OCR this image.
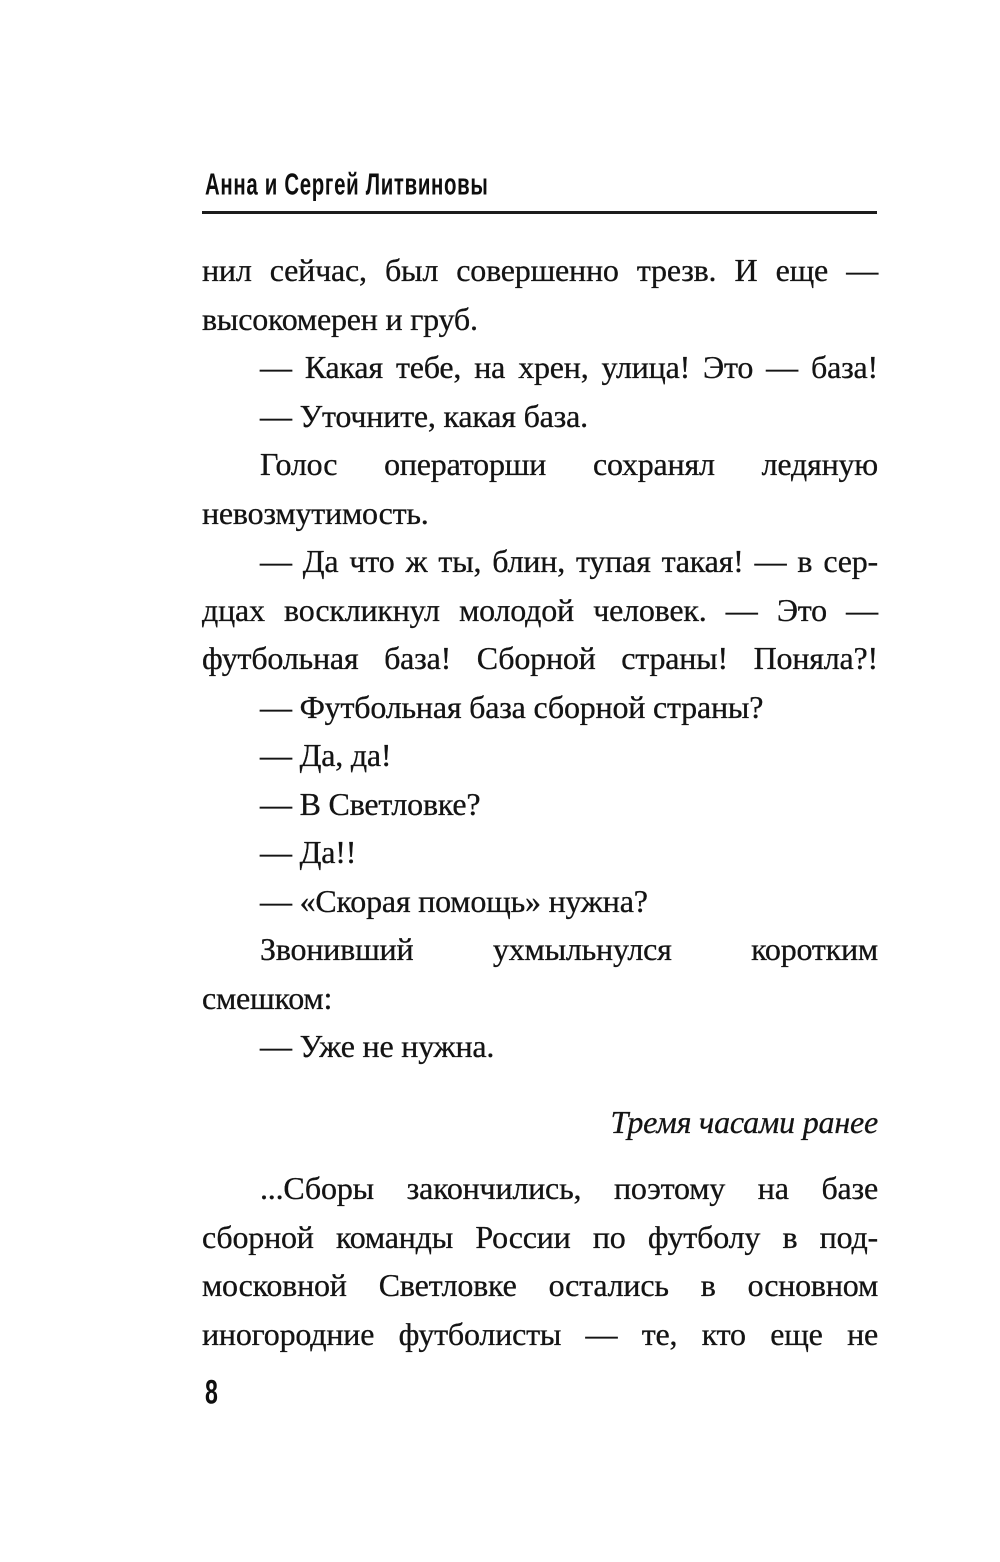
Анна и Сергей Литвиновы
нил сейчас, был совершенно трезв. И еще —
высокомерен и груб.
— Какая тебе, на хрен, улица! Это — база!
— Уточните, какая база.
Голос операторши сохранял ледяную
невозмутимость.
— Да что ж ты, блин, тупая такая! — в сер-
дцах воскликнул молодой человек. — Это —
футбольная база! Сборной страны! Поняла?!
— Футбольная база сборной страны?
— Да, да!
— В Светловке?
— Да!!
— «Скорая помощь» нужна?
Звонивший ухмыльнулся коротким
смешком:
— Уже не нужна.
Тремя часами ранее
...Сборы закончились, поэтому на базе
сборной команды России по футболу в под-
московной Светловке остались в основном
иногородние футболисты — те, кто еще не
8
